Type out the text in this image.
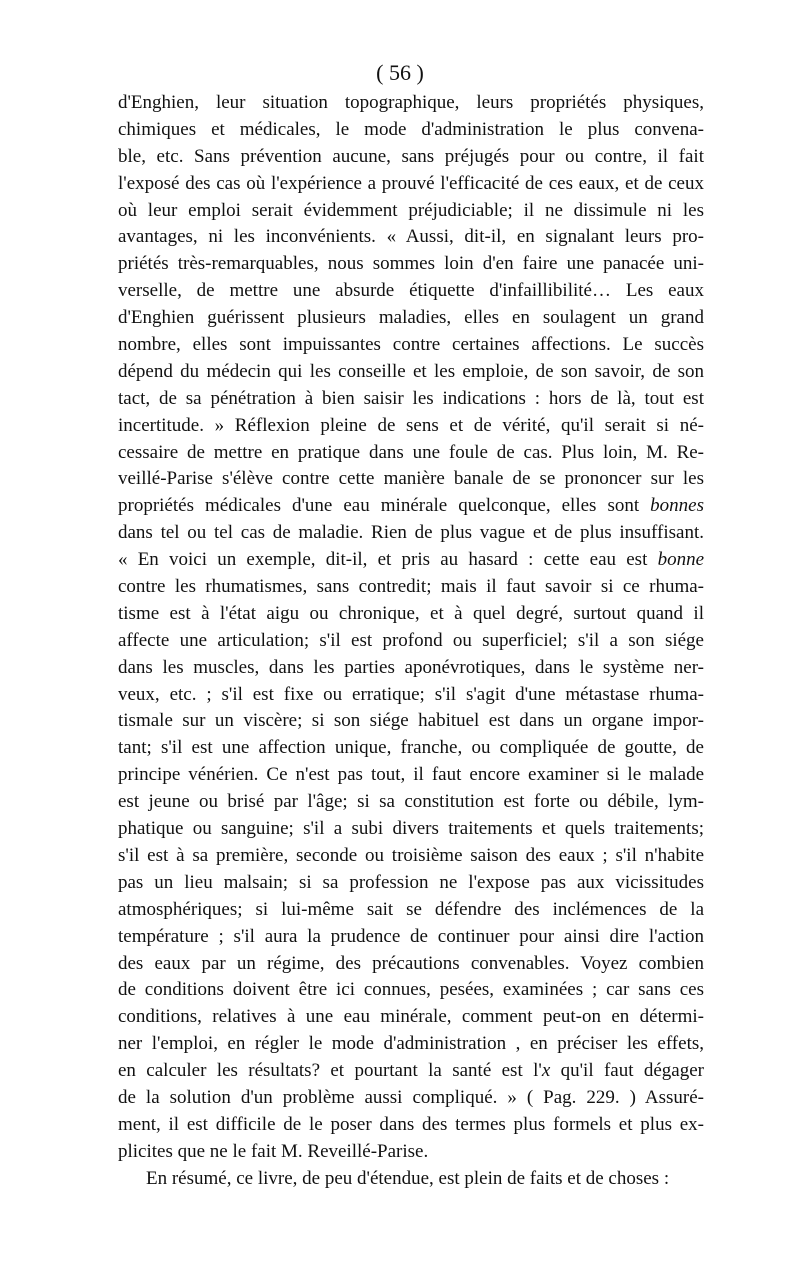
( 56 )
d'Enghien, leur situation topographique, leurs propriétés physiques,
chimiques et médicales, le mode d'administration le plus convena-
ble, etc. Sans prévention aucune, sans préjugés pour ou contre, il fait
l'exposé des cas où l'expérience a prouvé l'efficacité de ces eaux, et de ceux
où leur emploi serait évidemment préjudiciable; il ne dissimule ni les
avantages, ni les inconvénients. « Aussi, dit-il, en signalant leurs pro-
priétés très-remarquables, nous sommes loin d'en faire une panacée uni-
verselle, de mettre une absurde étiquette d'infaillibilité… Les eaux
d'Enghien guérissent plusieurs maladies, elles en soulagent un grand
nombre, elles sont impuissantes contre certaines affections. Le succès
dépend du médecin qui les conseille et les emploie, de son savoir, de son
tact, de sa pénétration à bien saisir les indications : hors de là, tout est
incertitude. » Réflexion pleine de sens et de vérité, qu'il serait si né-
cessaire de mettre en pratique dans une foule de cas. Plus loin, M. Re-
veillé-Parise s'élève contre cette manière banale de se prononcer sur les
propriétés médicales d'une eau minérale quelconque, elles sont bonnes
dans tel ou tel cas de maladie. Rien de plus vague et de plus insuffisant.
« En voici un exemple, dit-il, et pris au hasard : cette eau est bonne
contre les rhumatismes, sans contredit; mais il faut savoir si ce rhuma-
tisme est à l'état aigu ou chronique, et à quel degré, surtout quand il
affecte une articulation; s'il est profond ou superficiel; s'il a son siége
dans les muscles, dans les parties aponévrotiques, dans le système ner-
veux, etc. ; s'il est fixe ou erratique; s'il s'agit d'une métastase rhuma-
tismale sur un viscère; si son siége habituel est dans un organe impor-
tant; s'il est une affection unique, franche, ou compliquée de goutte, de
principe vénérien. Ce n'est pas tout, il faut encore examiner si le malade
est jeune ou brisé par l'âge; si sa constitution est forte ou débile, lym-
phatique ou sanguine; s'il a subi divers traitements et quels traitements;
s'il est à sa première, seconde ou troisième saison des eaux ; s'il n'habite
pas un lieu malsain; si sa profession ne l'expose pas aux vicissitudes
atmosphériques; si lui-même sait se défendre des inclémences de la
température ; s'il aura la prudence de continuer pour ainsi dire l'action
des eaux par un régime, des précautions convenables. Voyez combien
de conditions doivent être ici connues, pesées, examinées ; car sans ces
conditions, relatives à une eau minérale, comment peut-on en détermi-
ner l'emploi, en régler le mode d'administration , en préciser les effets,
en calculer les résultats? et pourtant la santé est l'x qu'il faut dégager
de la solution d'un problème aussi compliqué. » ( Pag. 229. ) Assuré-
ment, il est difficile de le poser dans des termes plus formels et plus ex-
plicites que ne le fait M. Reveillé-Parise.
En résumé, ce livre, de peu d'étendue, est plein de faits et de choses :
